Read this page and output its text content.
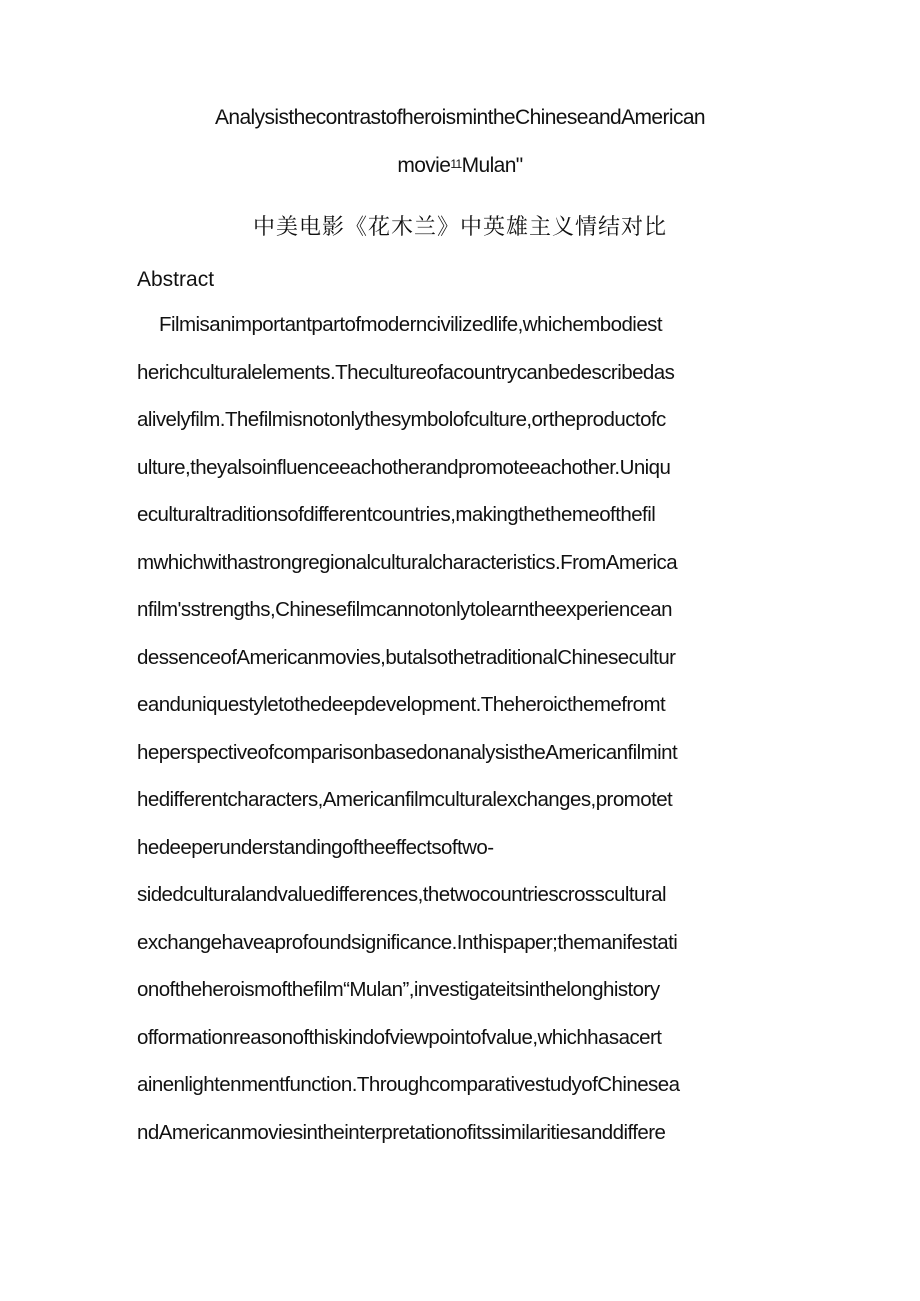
AnalysisthecontrastofheroismintheChineseandAmerican
movie$^{11}$Mulan"
中美电影《花木兰》中英雄主义情结对比
Abstract
Filmisanimportantpartofmoderncivilizedlife,whichembodiest
herichculturalelements.Thecultureofacountrycanbedescribedas
alivelyfilm.Thefilmisnotonlythesymbolofculture,ortheproductofc
ulture,theyalsoinfluenceeachotherandpromoteeachother.Uniqu
eculturaltraditionsofdifferentcountries,makingthethemeofthefil
mwhichwithastrongregionalculturalcharacteristics.FromAmerica
nfilm'sstrengths,Chinesefilmcannotonlytolearntheexperiencean
dessenceofAmericanmovies,butalsothetraditionalChinesecultur
eanduniquestyletothedeepdevelopment.Theheroicthemefromt
heperspectiveofcomparisonbasedonanalysistheAmericanfilmint
hedifferentcharacters,Americanfilmculturalexchanges,promotet
hedeeperunderstandingoftheeffectsoftwo-
sidedculturalandvaluedifferences,thetwocountriescrosscultural
exchangehaveaprofoundsignificance.Inthispaper;themanifestati
onoftheheroismofthefilm“Mulan”,investigateitsinthelonghistory
offormationreasonofthiskindofviewpointofvalue,whichhasacert
ainenlightenmentfunction.ThroughcomparativestudyofChinesea
ndAmericanmoviesintheinterpretationofitssimilaritiesanddiffere
